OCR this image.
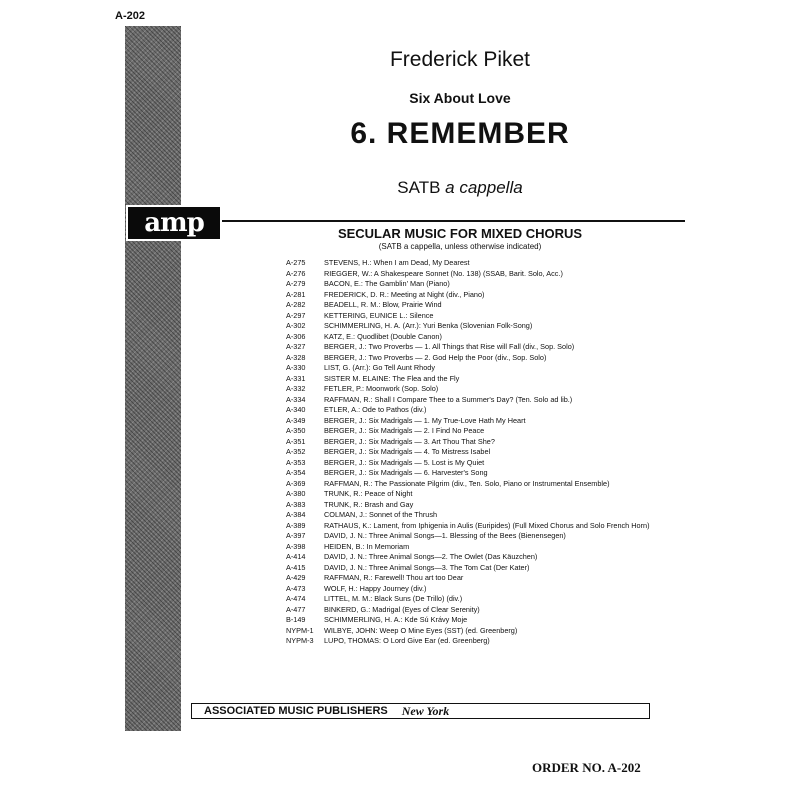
A-202
amp
Frederick Piket
Six About Love
6. REMEMBER
SATB a cappella
SECULAR MUSIC FOR MIXED CHORUS
(SATB a cappella, unless otherwise indicated)
A-275	STEVENS, H.: When I am Dead, My Dearest
A-276	RIEGGER, W.: A Shakespeare Sonnet (No. 138) (SSAB, Barit. Solo, Acc.)
A-279	BACON, E.: The Gamblin' Man (Piano)
A-281	FREDERICK, D. R.: Meeting at Night (div., Piano)
A-282	BEADELL, R. M.: Blow, Prairie Wind
A-297	KETTERING, EUNICE L.: Silence
A-302	SCHIMMERLING, H. A. (Arr.): Yuri Benka (Slovenian Folk-Song)
A-306	KATZ, E.: Quodlibet (Double Canon)
A-327	BERGER, J.: Two Proverbs — 1. All Things that Rise will Fall (div., Sop. Solo)
A-328	BERGER, J.: Two Proverbs — 2. God Help the Poor (div., Sop. Solo)
A-330	LIST, G. (Arr.): Go Tell Aunt Rhody
A-331	SISTER M. ELAINE: The Flea and the Fly
A-332	FETLER, P.: Moonwork (Sop. Solo)
A-334	RAFFMAN, R.: Shall I Compare Thee to a Summer's Day? (Ten. Solo ad lib.)
A-340	ETLER, A.: Ode to Pathos (div.)
A-349	BERGER, J.: Six Madrigals — 1. My True-Love Hath My Heart
A-350	BERGER, J.: Six Madrigals — 2. I Find No Peace
A-351	BERGER, J.: Six Madrigals — 3. Art Thou That She?
A-352	BERGER, J.: Six Madrigals — 4. To Mistress Isabel
A-353	BERGER, J.: Six Madrigals — 5. Lost is My Quiet
A-354	BERGER, J.: Six Madrigals — 6. Harvester's Song
A-369	RAFFMAN, R.: The Passionate Pilgrim (div., Ten. Solo, Piano or Instrumental Ensemble)
A-380	TRUNK, R.: Peace of Night
A-383	TRUNK, R.: Brash and Gay
A-384	COLMAN, J.: Sonnet of the Thrush
A-389	RATHAUS, K.: Lament, from Iphigenia in Aulis (Euripides) (Full Mixed Chorus and Solo French Horn)
A-397	DAVID, J. N.: Three Animal Songs—1. Blessing of the Bees (Bienensegen)
A-398	HEIDEN, B.: In Memoriam
A-414	DAVID, J. N.: Three Animal Songs—2. The Owlet (Das Käuzchen)
A-415	DAVID, J. N.: Three Animal Songs—3. The Tom Cat (Der Kater)
A-429	RAFFMAN, R.: Farewell! Thou art too Dear
A-473	WOLF, H.: Happy Journey (div.)
A-474	LITTEL, M. M.: Black Suns (De Trillo) (div.)
A-477	BINKERD, G.: Madrigal (Eyes of Clear Serenity)
B-149	SCHIMMERLING, H. A.: Kde Sú Krávy Moje
NYPM-1	WILBYE, JOHN: Weep O Mine Eyes (SST) (ed. Greenberg)
NYPM-3	LUPO, THOMAS: O Lord Give Ear (ed. Greenberg)
ASSOCIATED MUSIC PUBLISHERS New York
ORDER NO. A-202
